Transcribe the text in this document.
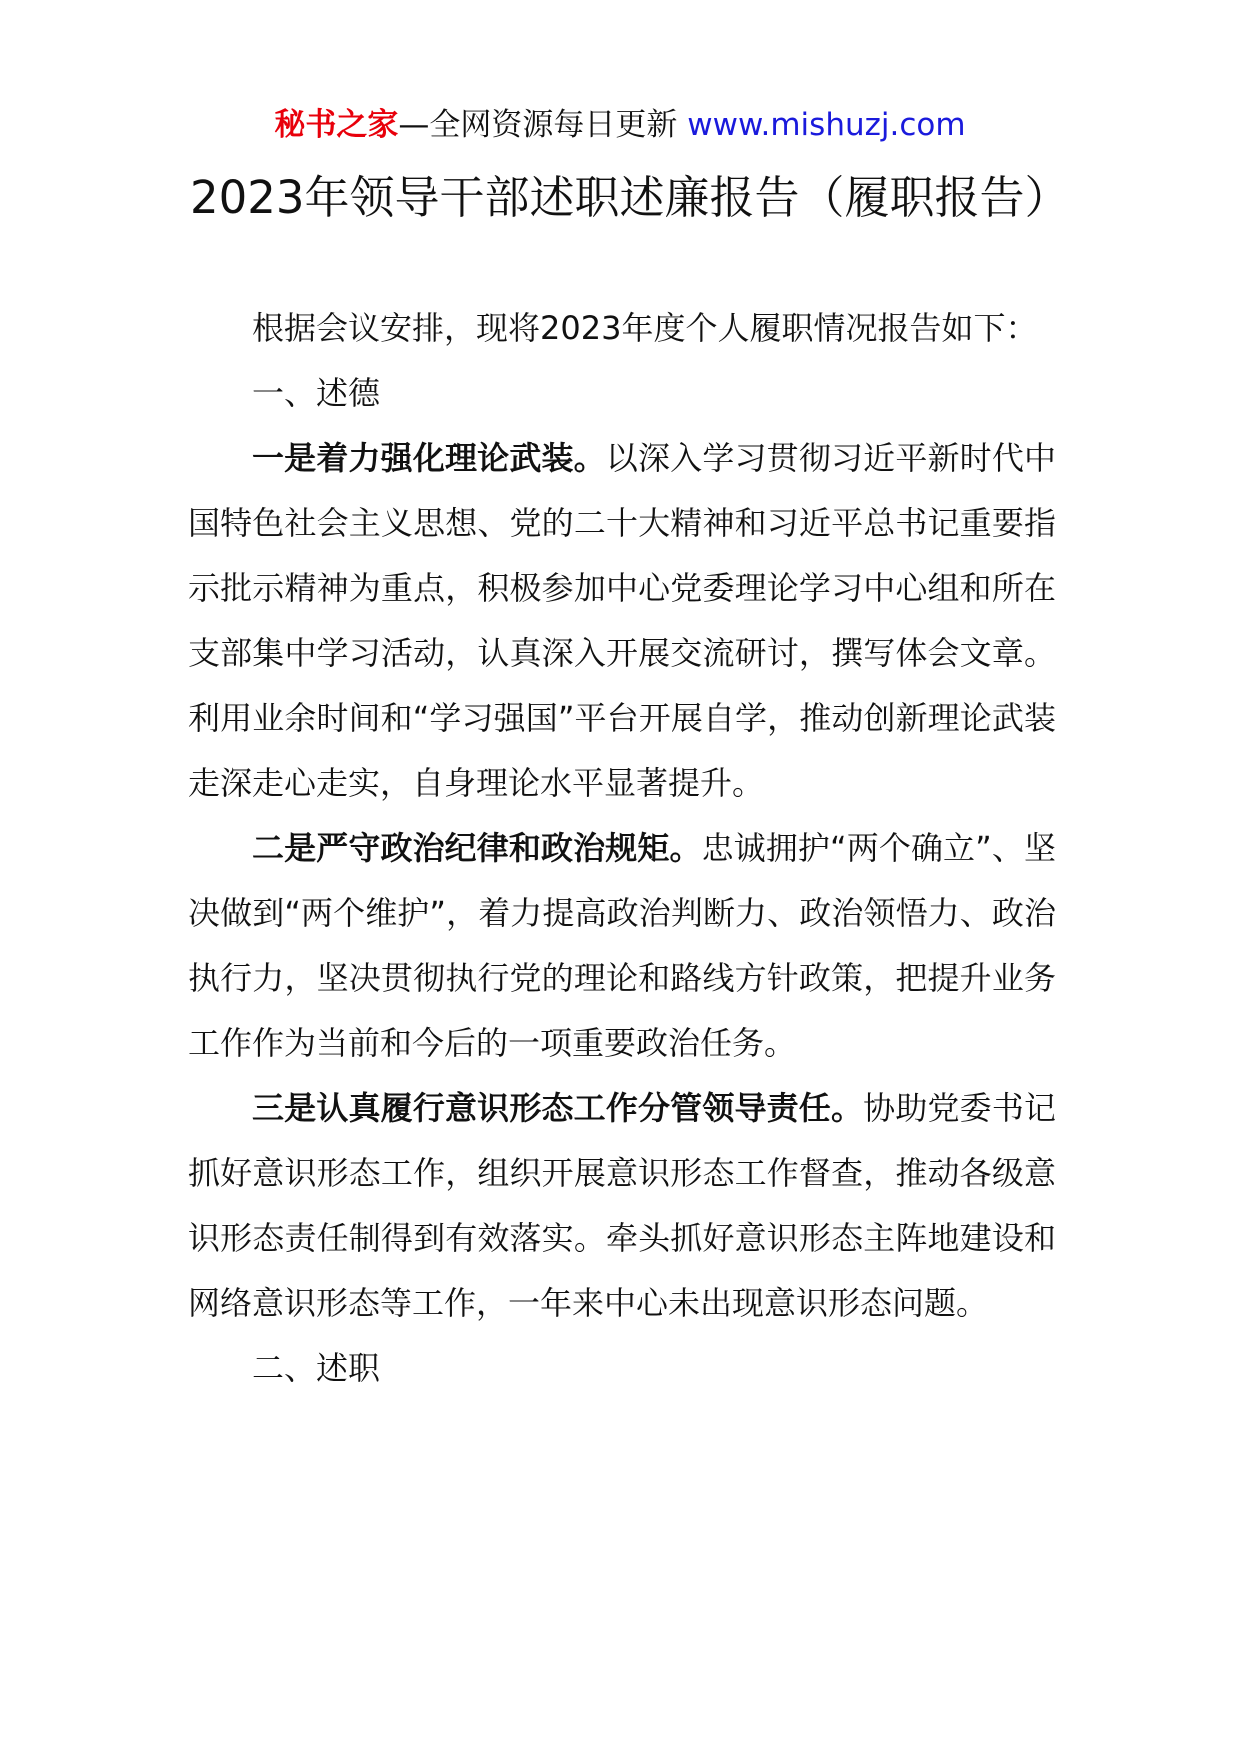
秘书之家—全网资源每日更新 www.mishuzj.com
2023年领导干部述职述廉报告（履职报告）

根据会议安排，现将2023年度个人履职情况报告如下：

一、述德

一是着力强化理论武装。以深入学习贯彻习近平新时代中国特色社会主义思想、党的二十大精神和习近平总书记重要指示批示精神为重点，积极参加中心党委理论学习中心组和所在支部集中学习活动，认真深入开展交流研讨，撰写体会文章。利用业余时间和“学习强国”平台开展自学，推动创新理论武装走深走心走实，自身理论水平显著提升。

二是严守政治纪律和政治规矩。忠诚拥护“两个确立”、坚决做到“两个维护”，着力提高政治判断力、政治领悟力、政治执行力，坚决贯彻执行党的理论和路线方针政策，把提升业务工作作为当前和今后的一项重要政治任务。

三是认真履行意识形态工作分管领导责任。协助党委书记抓好意识形态工作，组织开展意识形态工作督查，推动各级意识形态责任制得到有效落实。牵头抓好意识形态主阵地建设和网络意识形态等工作，一年来中心未出现意识形态问题。

二、述职
